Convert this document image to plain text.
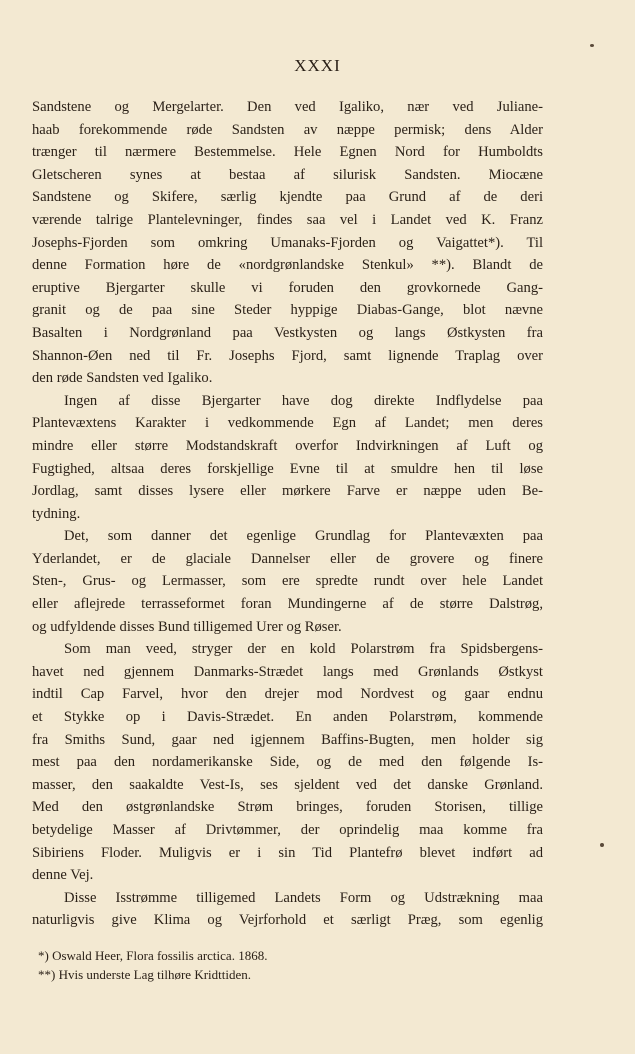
XXXI
Sandstene og Mergelarter. Den ved Igaliko, nær ved Juliane-
haab forekommende røde Sandsten av næppe permisk; dens Alder
trænger til nærmere Bestemmelse. Hele Egnen Nord for Humboldts
Gletscheren synes at bestaa af silurisk Sandsten. Miocæne
Sandstene og Skifere, særlig kjendte paa Grund af de deri
værende talrige Plantelevninger, findes saa vel i Landet ved K. Franz
Josephs-Fjorden som omkring Umanaks-Fjorden og Vaigattet*). Til
denne Formation høre de «nordgrønlandske Stenkul» **). Blandt de
eruptive Bjergarter skulle vi foruden den grovkornede Gang-
granit og de paa sine Steder hyppige Diabas-Gange, blot nævne
Basalten i Nordgrønland paa Vestkysten og langs Østkysten fra
Shannon-Øen ned til Fr. Josephs Fjord, samt lignende Traplag over
den røde Sandsten ved Igaliko.
Ingen af disse Bjergarter have dog direkte Indflydelse paa
Plantevæxtens Karakter i vedkommende Egn af Landet; men deres
mindre eller større Modstandskraft overfor Indvirkningen af Luft og
Fugtighed, altsaa deres forskjellige Evne til at smuldre hen til løse
Jordlag, samt disses lysere eller mørkere Farve er næppe uden Be-
tydning.
Det, som danner det egenlige Grundlag for Plantevæxten paa
Yderlandet, er de glaciale Dannelser eller de grovere og finere
Sten-, Grus- og Lermasser, som ere spredte rundt over hele Landet
eller aflejrede terrasseformet foran Mundingerne af de større Dalstrøg,
og udfyldende disses Bund tilligemed Urer og Røser.
Som man veed, stryger der en kold Polarstrøm fra Spidsbergens-
havet ned gjennem Danmarks-Strædet langs med Grønlands Østkyst
indtil Cap Farvel, hvor den drejer mod Nordvest og gaar endnu
et Stykke op i Davis-Strædet. En anden Polarstrøm, kommende
fra Smiths Sund, gaar ned igjennem Baffins-Bugten, men holder sig
mest paa den nordamerikanske Side, og de med den følgende Is-
masser, den saakaldte Vest-Is, ses sjeldent ved det danske Grønland.
Med den østgrønlandske Strøm bringes, foruden Storisen, tillige
betydelige Masser af Drivtømmer, der oprindelig maa komme fra
Sibiriens Floder. Muligvis er i sin Tid Plantefrø blevet indført ad
denne Vej.
Disse Isstrømme tilligemed Landets Form og Udstrækning maa
naturligvis give Klima og Vejrforhold et særligt Præg, som egenlig
*) Oswald Heer, Flora fossilis arctica. 1868.
**) Hvis underste Lag tilhøre Kridttiden.
